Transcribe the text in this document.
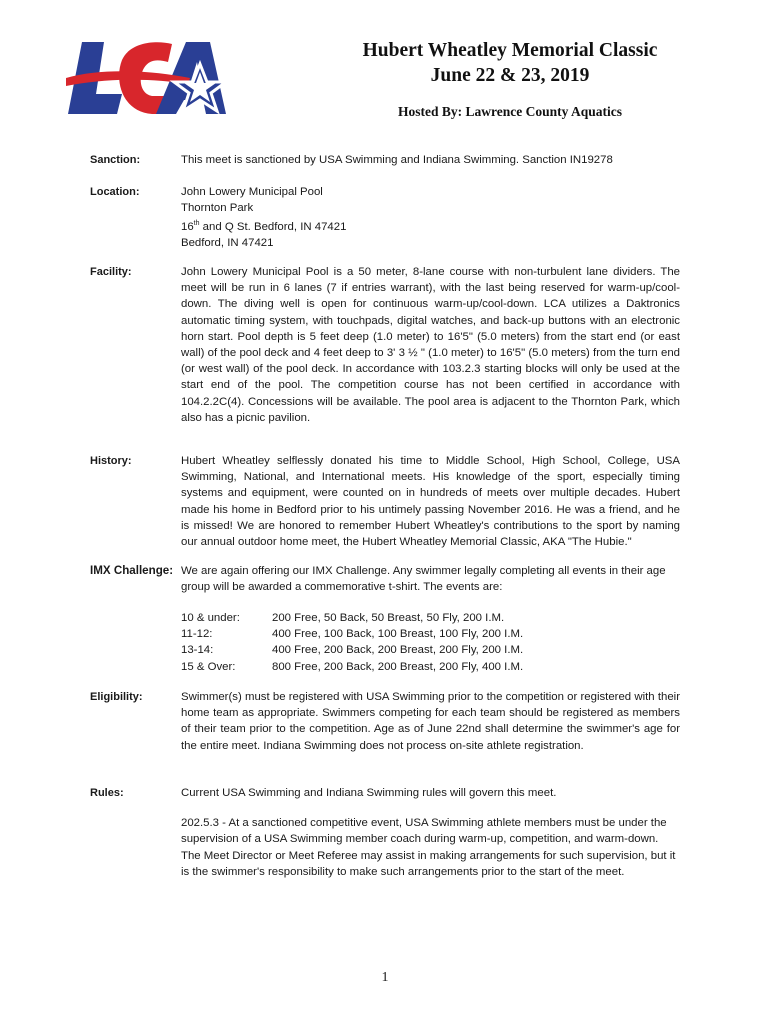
Hubert Wheatley Memorial Classic
June 22 & 23, 2019
Hosted By: Lawrence County Aquatics
Sanction:	This meet is sanctioned by USA Swimming and Indiana Swimming. Sanction IN19278
Location:	John Lowery Municipal Pool

Thornton Park

16th and Q St. Bedford, IN 47421

Bedford, IN 47421

Facility:	John Lowery Municipal Pool is a 50 meter, 8-lane course with non-turbulent lane dividers. The meet will be run in 6 lanes (7 if entries warrant), with the last being reserved for warm-up/cool-down. The diving well is open for continuous warm-up/cool-down. LCA utilizes a Daktronics automatic timing system, with touchpads, digital watches, and back-up buttons with an electronic horn start. Pool depth is 5 feet deep (1.0 meter) to 16'5" (5.0 meters) from the start end (or east wall) of the pool deck and 4 feet deep to 3' 3 ½ " (1.0 meter) to 16'5" (5.0 meters) from the turn end (or west wall) of the pool deck. In accordance with 103.2.3 starting blocks will only be used at the start end of the pool. The competition course has not been certified in accordance with 104.2.2C(4). Concessions will be available. The pool area is adjacent to the Thornton Park, which also has a picnic pavilion.
History:	Hubert Wheatley selflessly donated his time to Middle School, High School, College, USA Swimming, National, and International meets. His knowledge of the sport, especially timing systems and equipment, were counted on in hundreds of meets over multiple decades. Hubert made his home in Bedford prior to his untimely passing November 2016. He was a friend, and he is missed! We are honored to remember Hubert Wheatley's contributions to the sport by naming our annual outdoor home meet, the Hubert Wheatley Memorial Classic, AKA "The Hubie."
IMX Challenge: We are again offering our IMX Challenge. Any swimmer legally completing all events in their age group will be awarded a commemorative t-shirt. The events are:
10 & under:	200 Free, 50 Back, 50 Breast, 50 Fly, 200 I.M.
11-12:	400 Free, 100 Back, 100 Breast, 100 Fly, 200 I.M.
13-14:	400 Free, 200 Back, 200 Breast, 200 Fly, 200 I.M.
15 & Over:	800 Free, 200 Back, 200 Breast, 200 Fly, 400 I.M.
Eligibility:	Swimmer(s) must be registered with USA Swimming prior to the competition or registered with their home team as appropriate. Swimmers competing for each team should be registered as members of their team prior to the competition. Age as of June 22nd shall determine the swimmer's age for the entire meet. Indiana Swimming does not process on-site athlete registration.
Rules:	Current USA Swimming and Indiana Swimming rules will govern this meet.

202.5.3 - At a sanctioned competitive event, USA Swimming athlete members must be under the supervision of a USA Swimming member coach during warm-up, competition, and warm-down. The Meet Director or Meet Referee may assist in making arrangements for such supervision, but it is the swimmer's responsibility to make such arrangements prior to the start of the meet.

1
